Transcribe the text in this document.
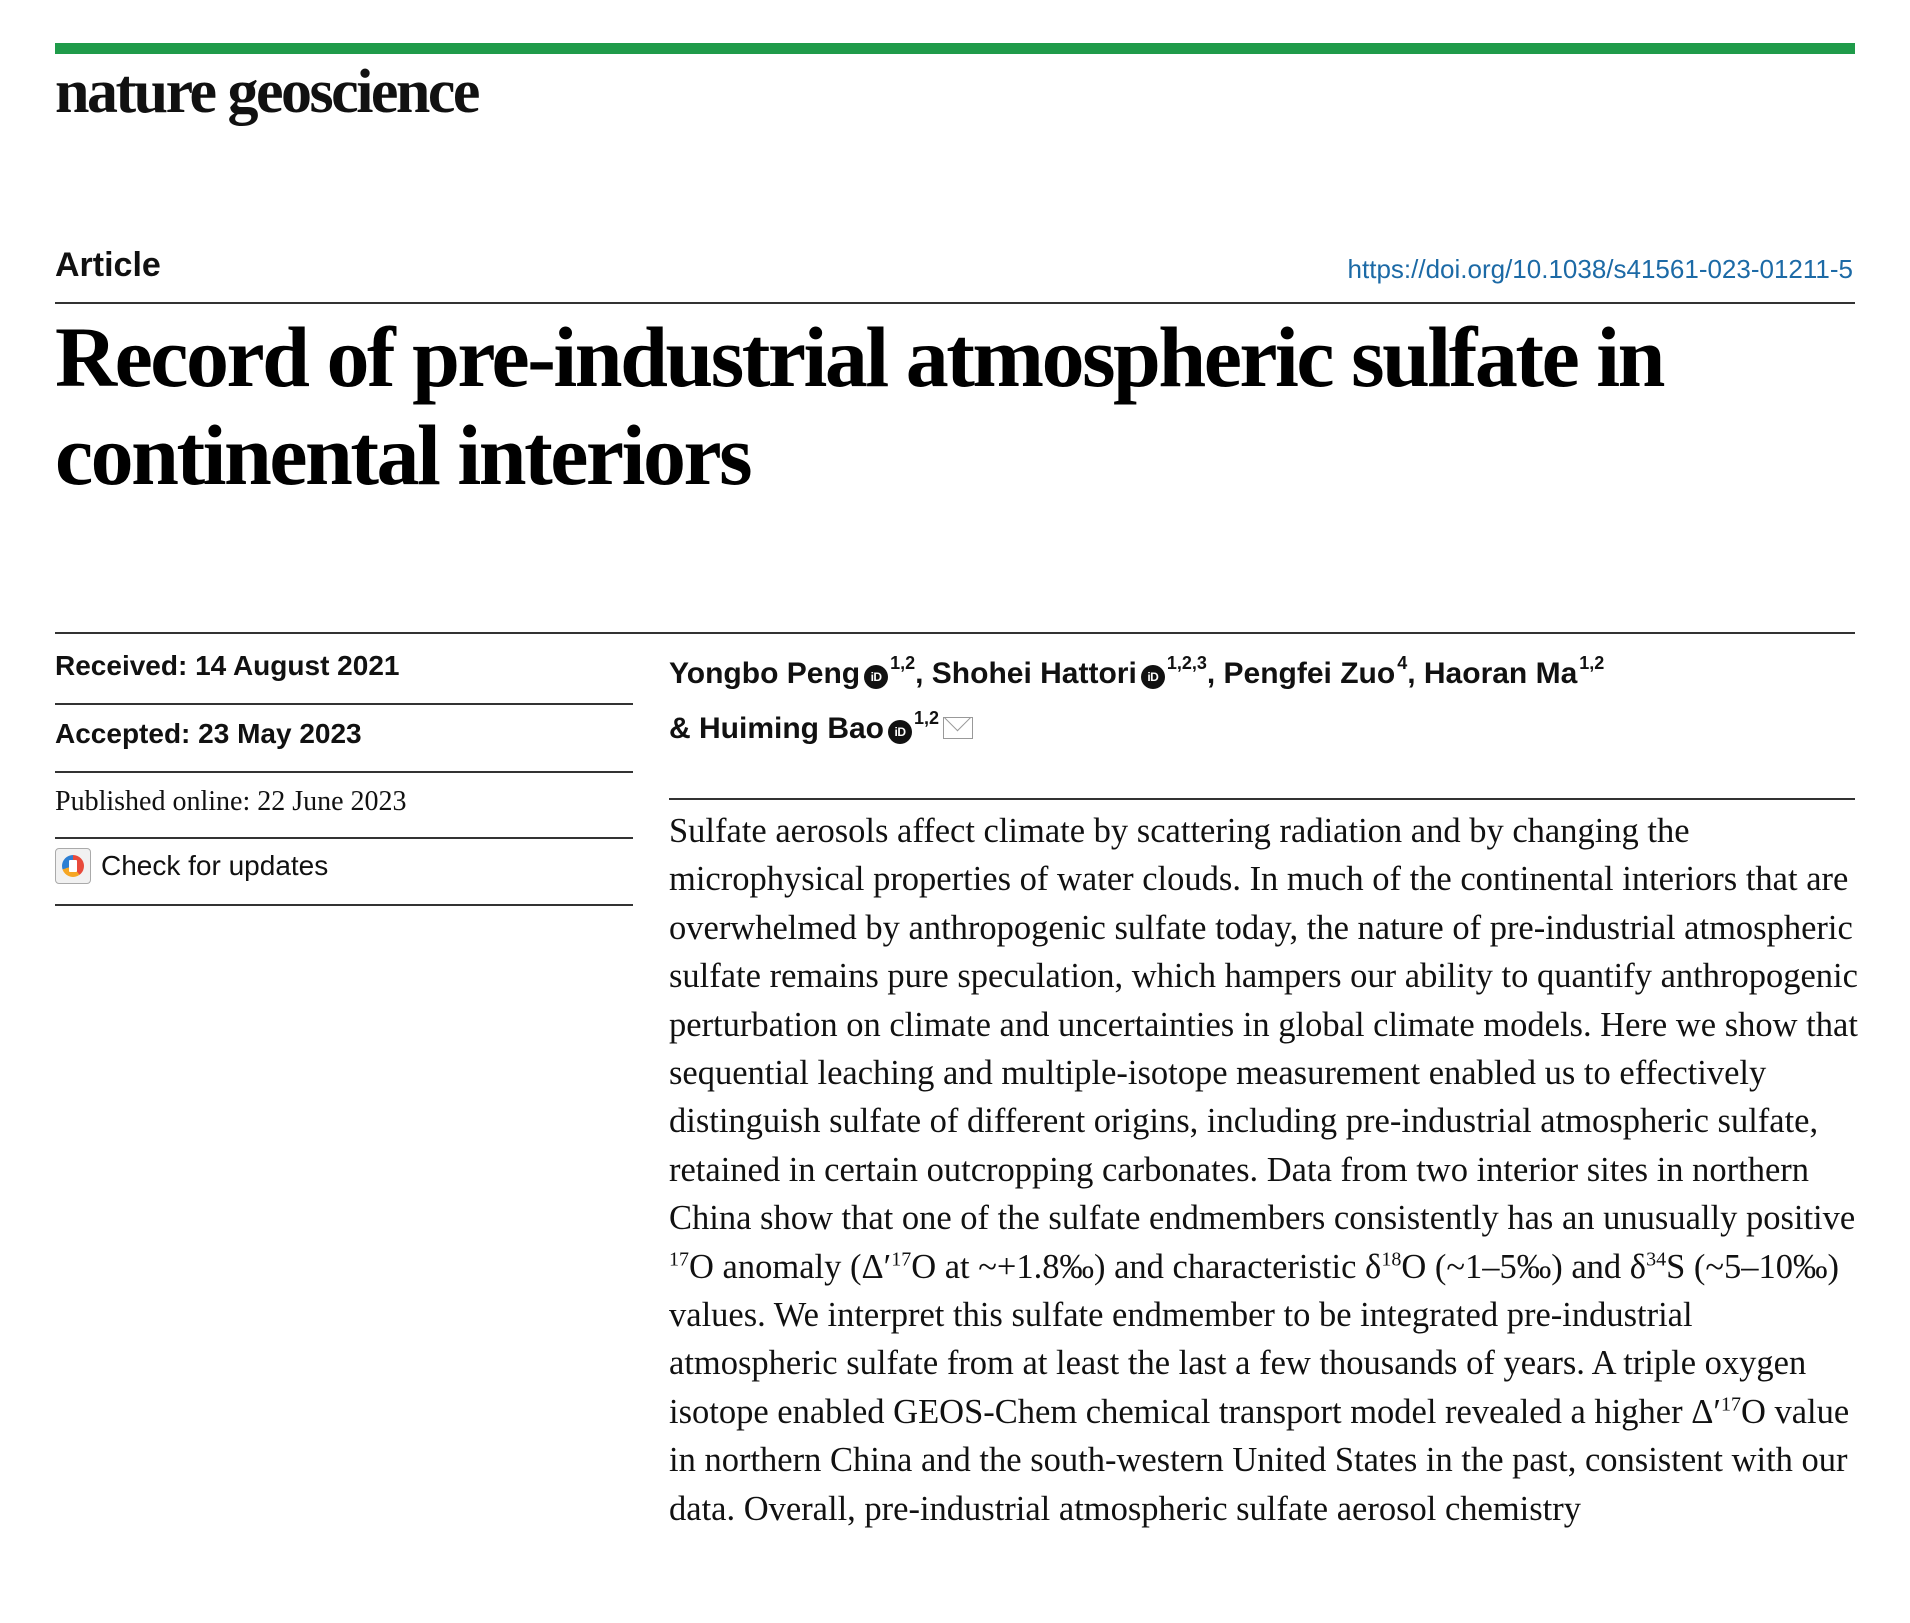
nature geoscience
Article	https://doi.org/10.1038/s41561-023-01211-5
Record of pre-industrial atmospheric sulfate in continental interiors
Received: 14 August 2021
Accepted: 23 May 2023
Published online: 22 June 2023
Check for updates
Yongbo Peng iD$^{1,2}$, Shohei Hattori iD$^{1,2,3}$, Pengfei Zuo $^4$, Haoran Ma $^{1,2}$
& Huiming Bao iD$^{1,2}$

Sulfate aerosols affect climate by scattering radiation and by changing the microphysical properties of water clouds. In much of the continental interiors that are overwhelmed by anthropogenic sulfate today, the nature of pre-industrial atmospheric sulfate remains pure speculation, which hampers our ability to quantify anthropogenic perturbation on climate and uncertainties in global climate models. Here we show that sequential leaching and multiple-isotope measurement enabled us to effectively distinguish sulfate of different origins, including pre-industrial atmospheric sulfate, retained in certain outcropping carbonates. Data from two interior sites in northern China show that one of the sulfate endmembers consistently has an unusually positive $^{17}$O anomaly ($\Delta'^{17}O$ at ~+1.8‰) and characteristic $\delta^{18}O$ (~1–5‰) and $\delta^{34}S$ (~5–10‰) values. We interpret this sulfate endmember to be integrated pre-industrial atmospheric sulfate from at least the last a few thousands of years. A triple oxygen isotope enabled GEOS-Chem chemical transport model revealed a higher $\Delta'^{17}O$ value in northern China and the south-western United States in the past, consistent with our data. Overall, pre-industrial atmospheric sulfate aerosol chemistry
